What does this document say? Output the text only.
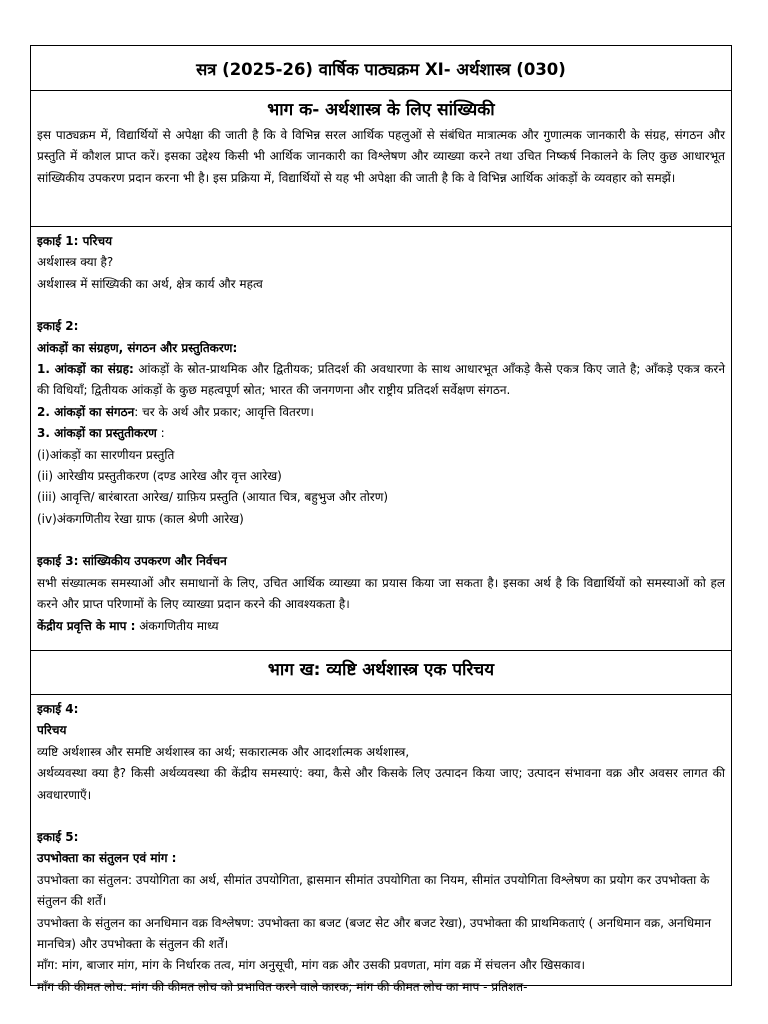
सत्र (2025-26) वार्षिक पाठ्यक्रम XI- अर्थशास्त्र (030)
भाग क- अर्थशास्त्र के लिए सांख्यिकी
इस पाठ्यक्रम में, विद्यार्थियों से अपेक्षा की जाती है कि वे विभिन्न सरल आर्थिक पहलुओं से संबंधित मात्रात्मक और गुणात्मक जानकारी के संग्रह, संगठन और प्रस्तुति में कौशल प्राप्त करें। इसका उद्देश्य किसी भी आर्थिक जानकारी का विश्लेषण और व्याख्या करने तथा उचित निष्कर्ष निकालने के लिए कुछ आधारभूत सांख्यिकीय उपकरण प्रदान करना भी है। इस प्रक्रिया में, विद्यार्थियों से यह भी अपेक्षा की जाती है कि वे विभिन्न आर्थिक आंकड़ों के व्यवहार को समझें।

इकाई 1: परिचय

अर्थशास्त्र क्या है?

अर्थशास्त्र में सांख्यिकी का अर्थ, क्षेत्र कार्य और महत्व

इकाई 2:

आंकड़ों का संग्रहण, संगठन और प्रस्तुतिकरण:

1. आंकड़ों का संग्रह: आंकड़ों के स्रोत-प्राथमिक और द्वितीयक; प्रतिदर्श की अवधारणा के साथ आधारभूत आँकड़े कैसे एकत्र किए जाते है; आँकड़े एकत्र करने की विधियाँ; द्वितीयक आंकड़ों के कुछ महत्वपूर्ण स्रोत; भारत की जनगणना और राष्ट्रीय प्रतिदर्श सर्वेक्षण संगठन.

2. आंकड़ों का संगठन: चर के अर्थ और प्रकार; आवृत्ति वितरण।

3. आंकड़ों का प्रस्तुतीकरण :

(i)आंकड़ों का सारणीयन प्रस्तुति

(ii) आरेखीय प्रस्तुतीकरण (दण्ड आरेख और वृत्त आरेख)

(iii) आवृत्ति/ बारंबारता आरेख/ ग्राफ़िय प्रस्तुति (आयात चित्र, बहुभुज और तोरण)

(iv)अंकगणितीय रेखा ग्राफ (काल श्रेणी आरेख)

इकाई 3: सांख्यिकीय उपकरण और निर्वचन

सभी संख्यात्मक समस्याओं और समाधानों के लिए, उचित आर्थिक व्याख्या का प्रयास किया जा सकता है। इसका अर्थ है कि विद्यार्थियों को समस्याओं को हल करने और प्राप्त परिणामों के लिए व्याख्या प्रदान करने की आवश्यकता है।

केंद्रीय प्रवृत्ति के माप : अंकगणितीय माध्य

भाग ख: व्यष्टि अर्थशास्त्र एक परिचय

इकाई 4:

परिचय

व्यष्टि अर्थशास्त्र और समष्टि अर्थशास्त्र का अर्थ; सकारात्मक और आदर्शात्मक अर्थशास्त्र,

अर्थव्यवस्था क्या है? किसी अर्थव्यवस्था की केंद्रीय समस्याएं: क्या, कैसे और किसके लिए उत्पादन किया जाए; उत्पादन संभावना वक्र और अवसर लागत की अवधारणाएँ।

इकाई 5:

उपभोक्ता का संतुलन एवं मांग :

उपभोक्ता का संतुलन: उपयोगिता का अर्थ, सीमांत उपयोगिता, ह्रासमान सीमांत उपयोगिता का नियम, सीमांत उपयोगिता विश्लेषण का प्रयोग कर उपभोक्ता के संतुलन की शर्तें।

उपभोक्ता के संतुलन का अनधिमान वक्र विश्लेषण: उपभोक्ता का बजट (बजट सेट और बजट रेखा), उपभोक्ता की प्राथमिकताएं ( अनधिमान वक्र, अनधिमान मानचित्र) और उपभोक्ता के संतुलन की शर्तें।

माँग: मांग, बाजार मांग, मांग के निर्धारक तत्व, मांग अनुसूची, मांग वक्र और उसकी प्रवणता, मांग वक्र में संचलन और खिसकाव।

माँग की कीमत लोच: मांग की कीमत लोच को प्रभावित करने वाले कारक; मांग की कीमत लोच का माप - प्रतिशत-
